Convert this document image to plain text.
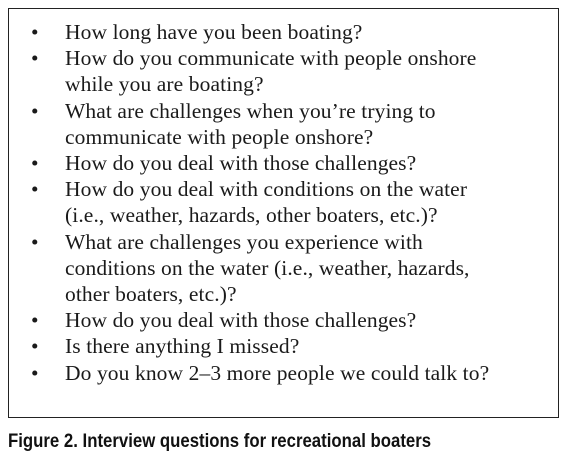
•	How long have you been boating?
•	How do you communicate with people onshore
while you are boating?
•	What are challenges when you’re trying to
communicate with people onshore?
•	How do you deal with those challenges?
•	How do you deal with conditions on the water
(i.e., weather, hazards, other boaters, etc.)?
•	What are challenges you experience with
conditions on the water (i.e., weather, hazards,
other boaters, etc.)?
•	How do you deal with those challenges?
•	Is there anything I missed?
•	Do you know 2–3 more people we could talk to?

Figure 2. Interview questions for recreational boaters
